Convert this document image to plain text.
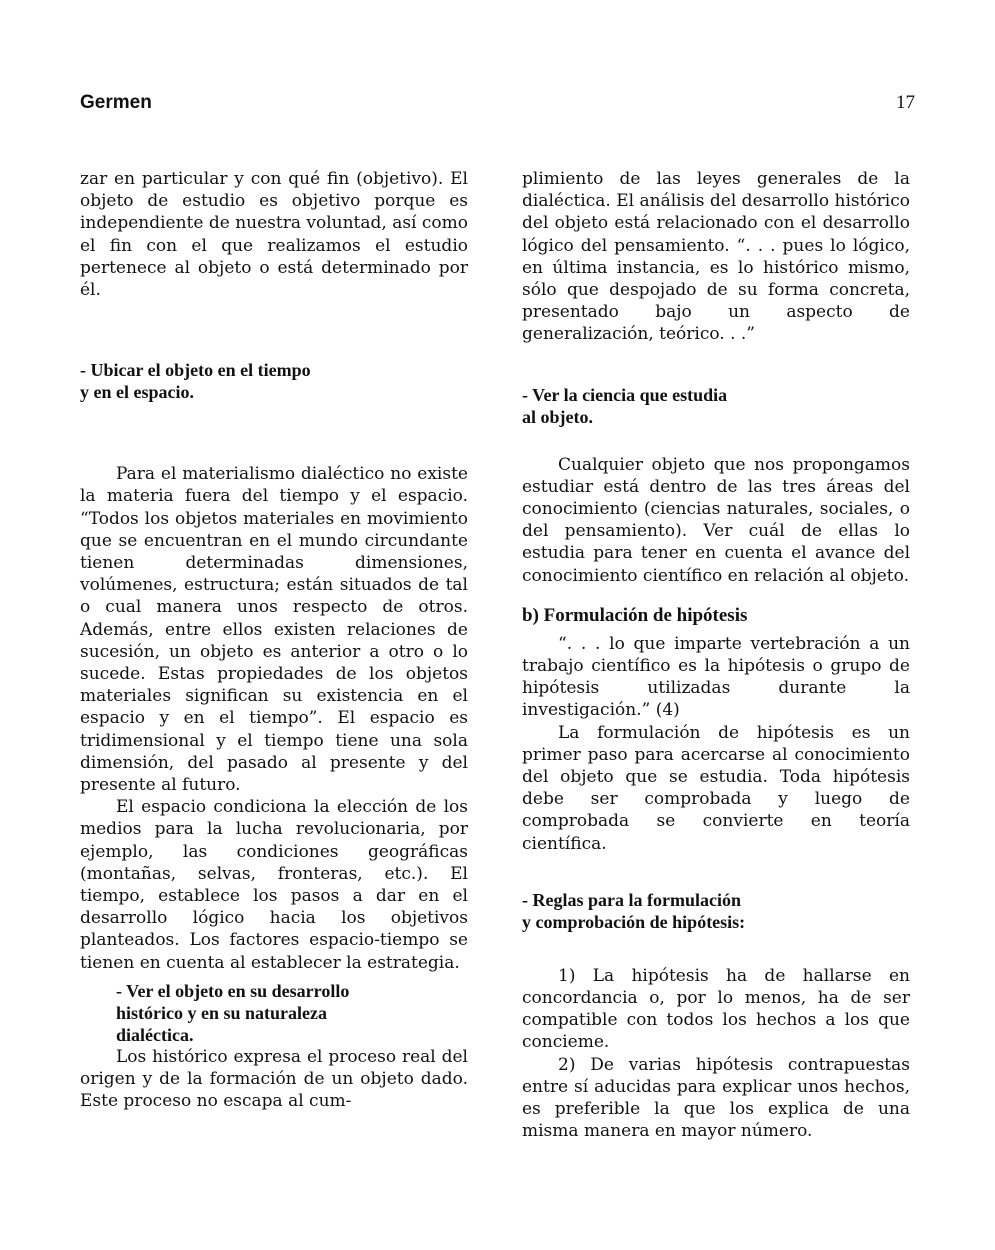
Germen	17

zar en particular y con qué fin (objetivo). El objeto de estudio es objetivo porque es independiente de nuestra voluntad, así como el fin con el que realizamos el estudio pertenece al objeto o está determinado por él.

- Ubicar el objeto en el tiempo
y en el espacio.

Para el materialismo dialéctico no existe la materia fuera del tiempo y el espacio. “Todos los objetos materiales en movimiento que se encuentran en el mundo circundante tienen determinadas dimensiones, volúmenes, estructura; están situados de tal o cual manera unos respecto de otros. Además, entre ellos existen relaciones de sucesión, un objeto es anterior a otro o lo sucede. Estas propiedades de los objetos materiales significan su existencia en el espacio y en el tiempo”. El espacio es tridimensional y el tiempo tiene una sola dimensión, del pasado al presente y del presente al futuro.

El espacio condiciona la elección de los medios para la lucha revolucionaria, por ejemplo, las condiciones geográficas (montañas, selvas, fronteras, etc.). El tiempo, establece los pasos a dar en el desarrollo lógico hacia los objetivos planteados. Los factores espacio-tiempo se tienen en cuenta al establecer la estrategia.

- Ver el objeto en su desarrollo
histórico y en su naturaleza
dialéctica.

Los histórico expresa el proceso real del origen y de la formación de un objeto dado. Este proceso no escapa al cum-

plimiento de las leyes generales de la dialéctica. El análisis del desarrollo histórico del objeto está relacionado con el desarrollo lógico del pensamiento. “. . . pues lo lógico, en última instancia, es lo histórico mismo, sólo que despojado de su forma concreta, presentado bajo un aspecto de generalización, teórico. . .”

- Ver la ciencia que estudia
al objeto.

Cualquier objeto que nos propongamos estudiar está dentro de las tres áreas del conocimiento (ciencias naturales, sociales, o del pensamiento). Ver cuál de ellas lo estudia para tener en cuenta el avance del conocimiento científico en relación al objeto.

b) Formulación de hipótesis

“. . . lo que imparte vertebración a un trabajo científico es la hipótesis o grupo de hipótesis utilizadas durante la investigación.” (4)

La formulación de hipótesis es un primer paso para acercarse al conocimiento del objeto que se estudia. Toda hipótesis debe ser comprobada y luego de comprobada se convierte en teoría científica.

- Reglas para la formulación
y comprobación de hipótesis:

1) La hipótesis ha de hallarse en concordancia o, por lo menos, ha de ser compatible con todos los hechos a los que concieme.

2) De varias hipótesis contrapuestas entre sí aducidas para explicar unos hechos, es preferible la que los explica de una misma manera en mayor número.
